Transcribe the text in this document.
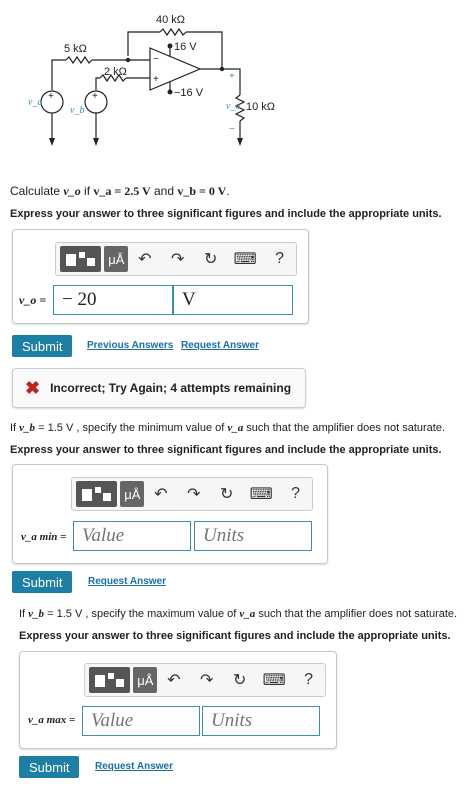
40 kΩ
5 kΩ
2 kΩ
16 V
−16 V
10 kΩ
v_a
v_b	v_o
+	+
+
−
−
+
Calculate v_o if v_a = 2.5 V and v_b = 0 V.
Express your answer to three significant figures and include the appropriate units.
μÅ ↶ ↷ ↻ ⌨	?
v_o =
− 20
V
Submit	Previous Answers Request Answer
✖ Incorrect; Try Again; 4 attempts remaining
If v_b = 1.5 V , specify the minimum value of v_a such that the amplifier does not saturate.
Express your answer to three significant figures and include the appropriate units.
μÅ ↶ ↷ ↻ ⌨	?
v_a min =
Value
Units
Submit	Request Answer
If v_b = 1.5 V , specify the maximum value of v_a such that the amplifier does not saturate.
Express your answer to three significant figures and include the appropriate units.
μÅ ↶ ↷ ↻ ⌨	?
v_a max =
Value
Units
Submit	Request Answer
